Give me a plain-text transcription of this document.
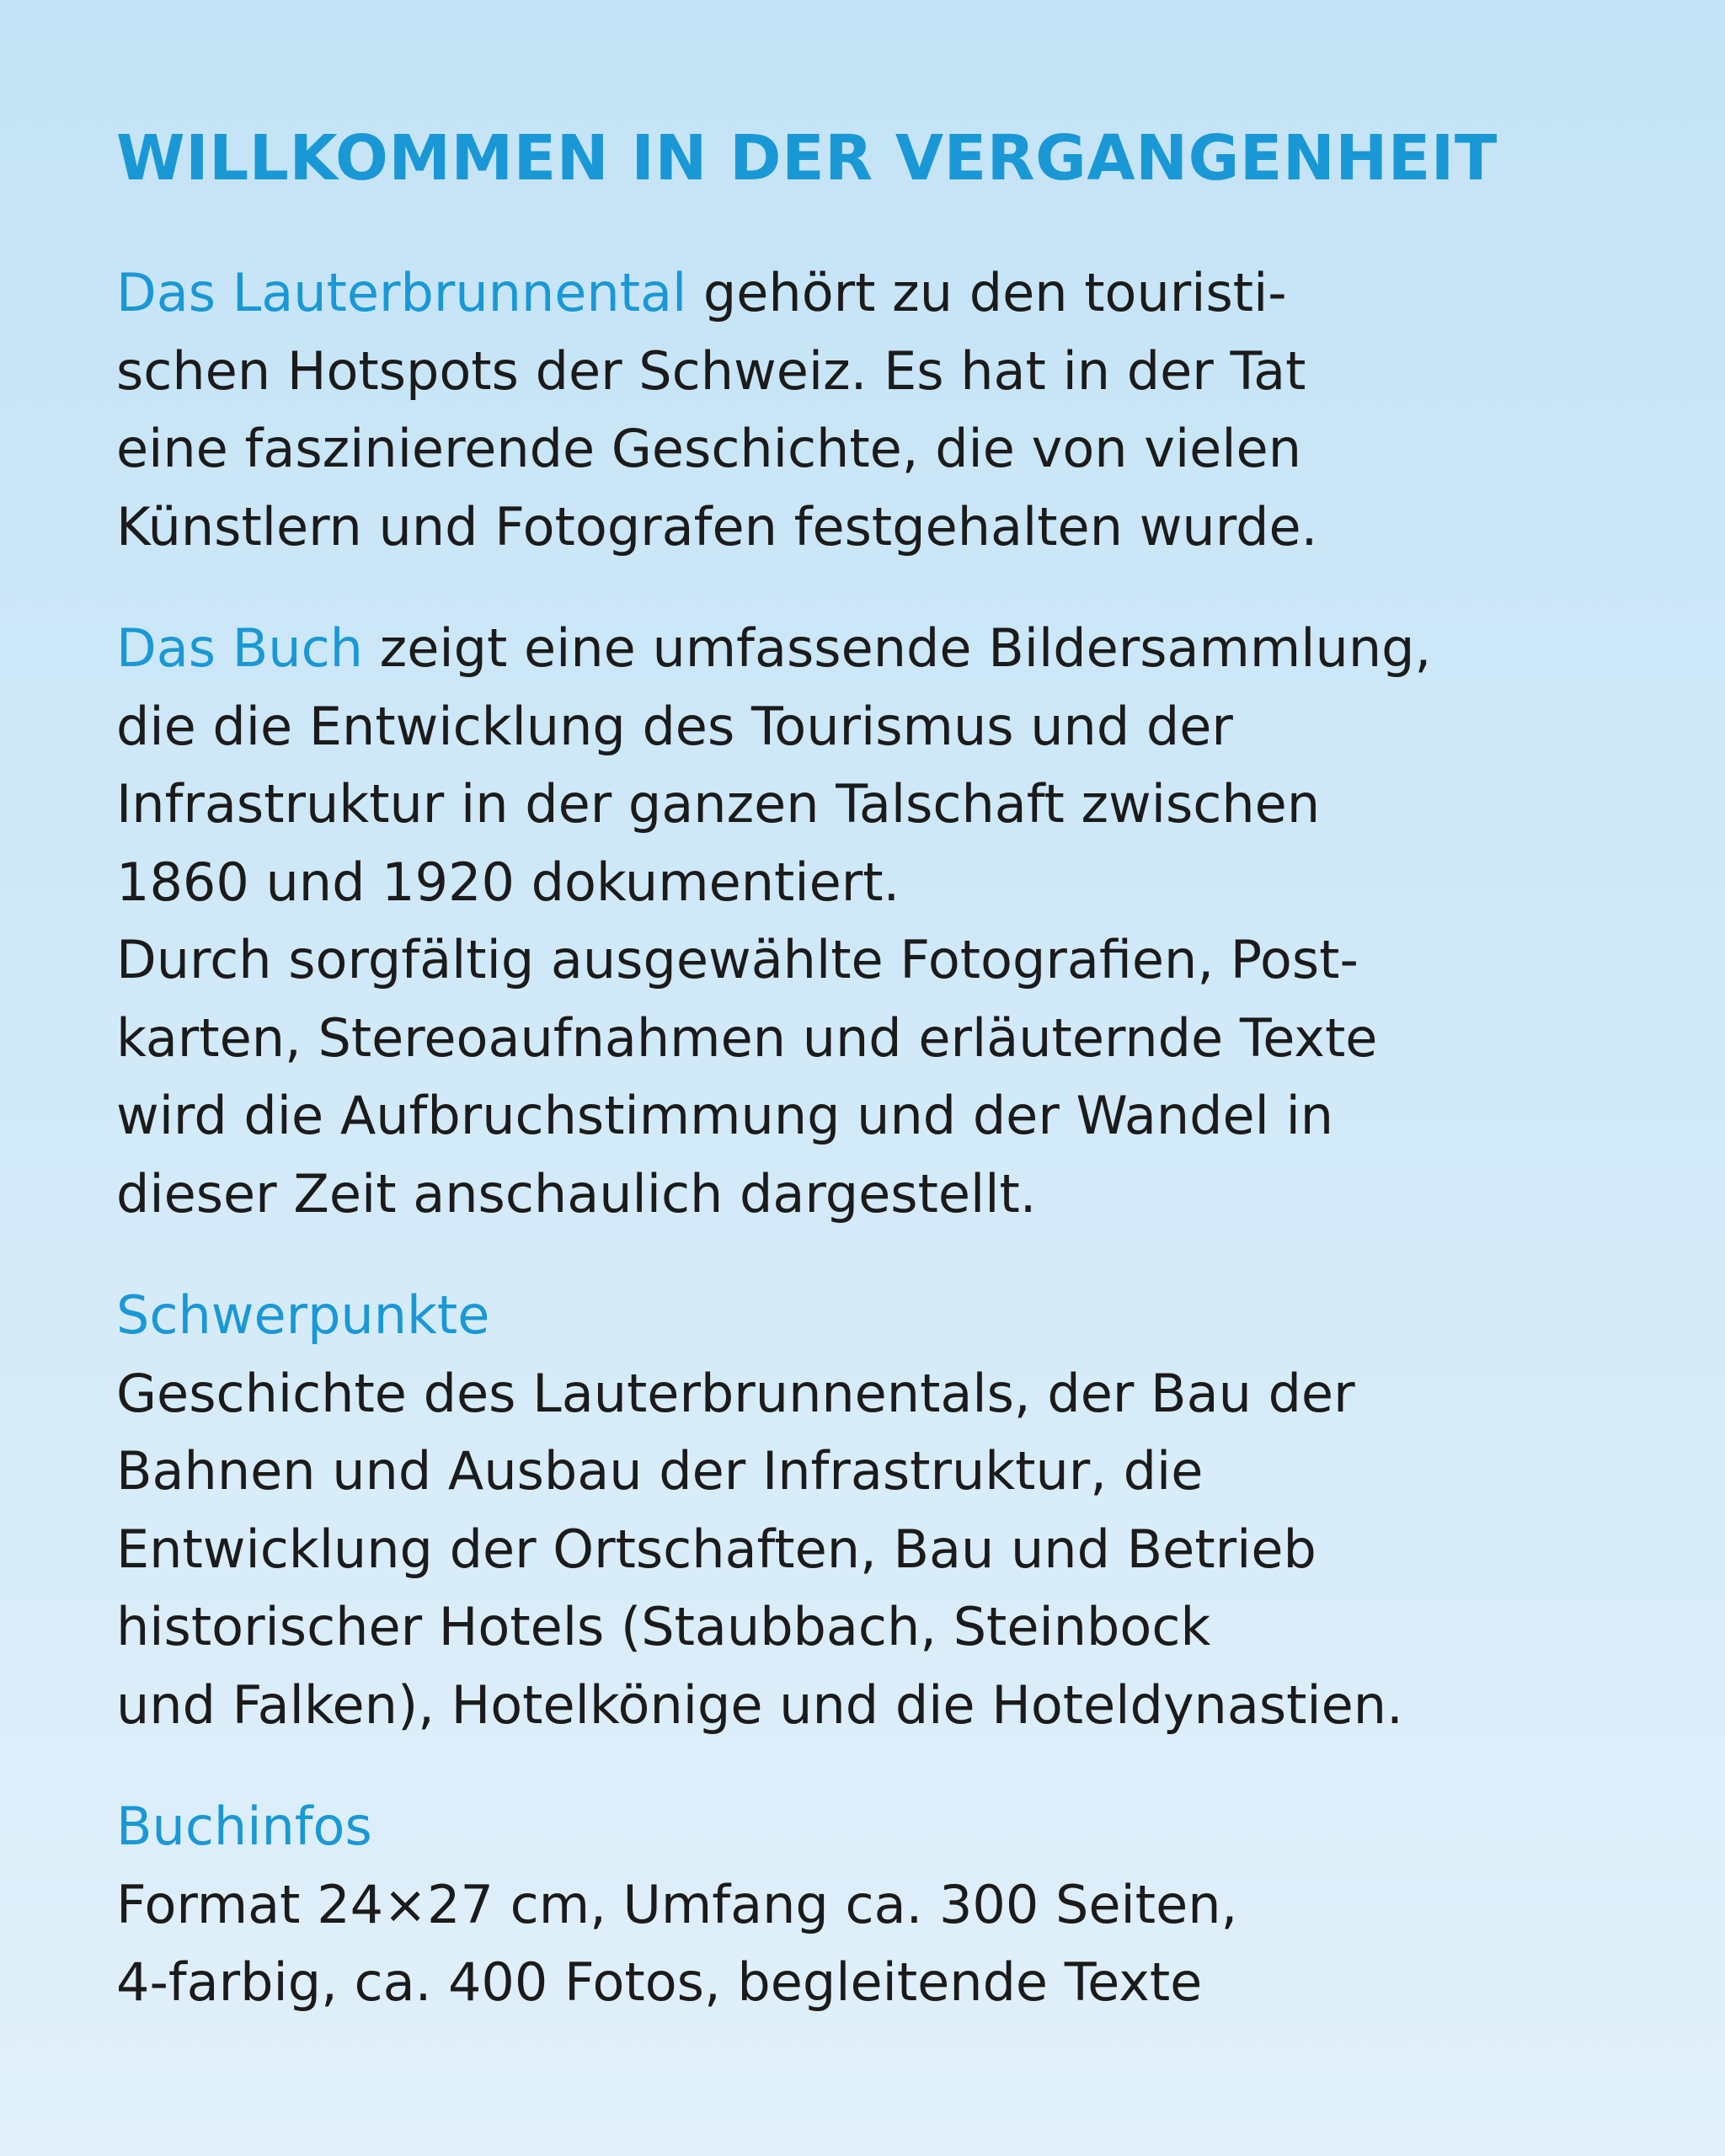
WILLKOMMEN IN DER VERGANGENHEIT
Das Lauterbrunnental gehört zu den touristi-
schen Hotspots der Schweiz. Es hat in der Tat
eine faszinierende Geschichte, die von vielen
Künstlern und Fotografen festgehalten wurde.
Das Buch zeigt eine umfassende Bildersammlung,
die die Entwicklung des Tourismus und der
Infrastruktur in der ganzen Talschaft zwischen
1860 und 1920 dokumentiert.
Durch sorgfältig ausgewählte Fotografien, Post-
karten, Stereoaufnahmen und erläuternde Texte
wird die Aufbruchstimmung und der Wandel in
dieser Zeit anschaulich dargestellt.
Schwerpunkte
Geschichte des Lauterbrunnentals, der Bau der
Bahnen und Ausbau der Infrastruktur, die
Entwicklung der Ortschaften, Bau und Betrieb
historischer Hotels (Staubbach, Steinbock
und Falken), Hotelkönige und die Hoteldynastien.
Buchinfos
Format 24×27 cm, Umfang ca. 300 Seiten,
4-farbig, ca. 400 Fotos, begleitende Texte
